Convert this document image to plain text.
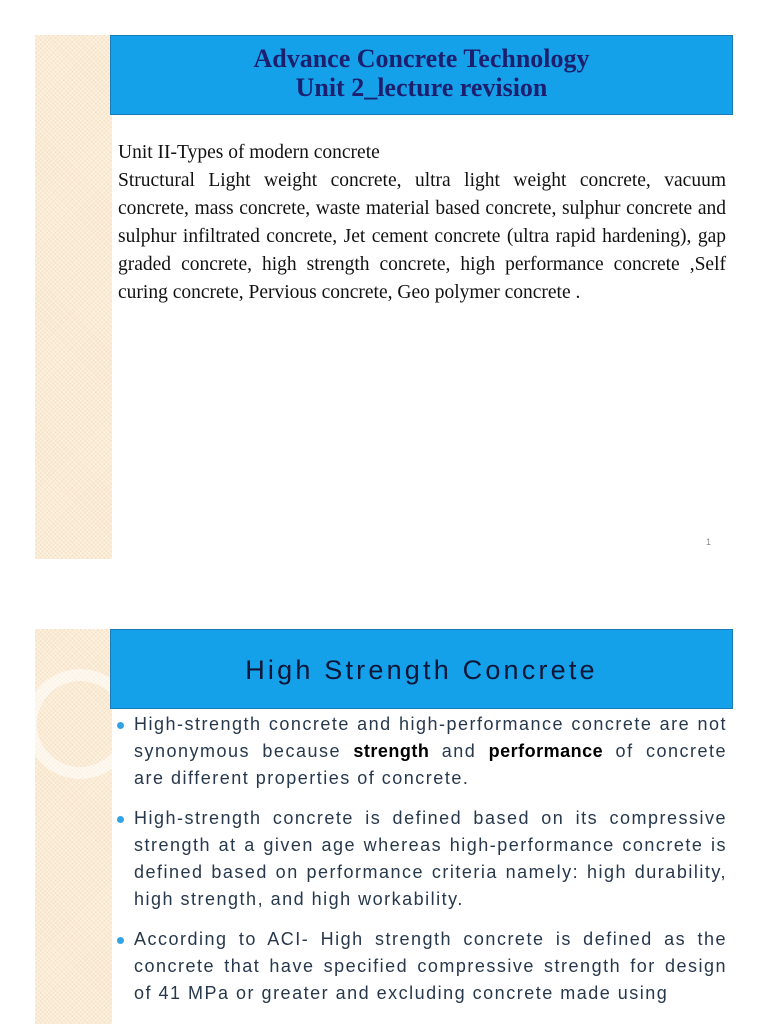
Advance Concrete Technology
Unit 2_lecture revision
Unit II-Types of modern concrete
Structural Light weight concrete, ultra light weight concrete, vacuum concrete, mass concrete, waste material based concrete, sulphur concrete and sulphur infiltrated concrete, Jet cement concrete (ultra rapid hardening), gap graded concrete, high strength concrete, high performance concrete ,Self curing concrete, Pervious concrete, Geo polymer concrete .
1
High Strength Concrete
High-strength concrete and high-performance concrete are not synonymous because strength and performance of concrete are different properties of concrete.
High-strength concrete is defined based on its compressive strength at a given age whereas high-performance concrete is defined based on performance criteria namely: high durability, high strength, and high workability.
According to ACI- High strength concrete is defined as the concrete that have specified compressive strength for design of 41 MPa or greater and excluding concrete made using
